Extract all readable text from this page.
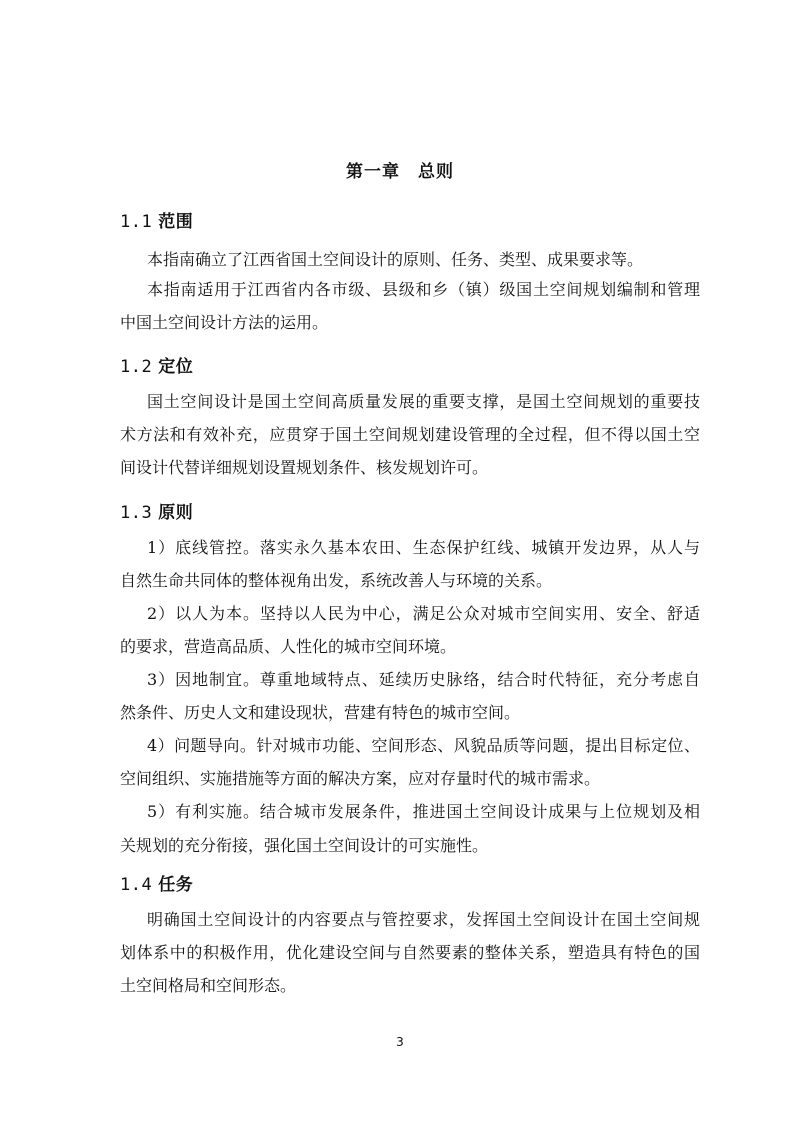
第一章　总则
1.1 范围
本指南确立了江西省国土空间设计的原则、任务、类型、成果要求等。
本指南适用于江西省内各市级、县级和乡（镇）级国土空间规划编制和管理
中国土空间设计方法的运用。
1.2 定位
国土空间设计是国土空间高质量发展的重要支撑，是国土空间规划的重要技
术方法和有效补充，应贯穿于国土空间规划建设管理的全过程，但不得以国土空
间设计代替详细规划设置规划条件、核发规划许可。
1.3 原则
1）底线管控。落实永久基本农田、生态保护红线、城镇开发边界，从人与
自然生命共同体的整体视角出发，系统改善人与环境的关系。
2）以人为本。坚持以人民为中心，满足公众对城市空间实用、安全、舒适
的要求，营造高品质、人性化的城市空间环境。
3）因地制宜。尊重地域特点、延续历史脉络，结合时代特征，充分考虑自
然条件、历史人文和建设现状，营建有特色的城市空间。
4）问题导向。针对城市功能、空间形态、风貌品质等问题，提出目标定位、
空间组织、实施措施等方面的解决方案，应对存量时代的城市需求。
5）有利实施。结合城市发展条件，推进国土空间设计成果与上位规划及相
关规划的充分衔接，强化国土空间设计的可实施性。
1.4 任务
明确国土空间设计的内容要点与管控要求，发挥国土空间设计在国土空间规
划体系中的积极作用，优化建设空间与自然要素的整体关系，塑造具有特色的国
土空间格局和空间形态。
3
